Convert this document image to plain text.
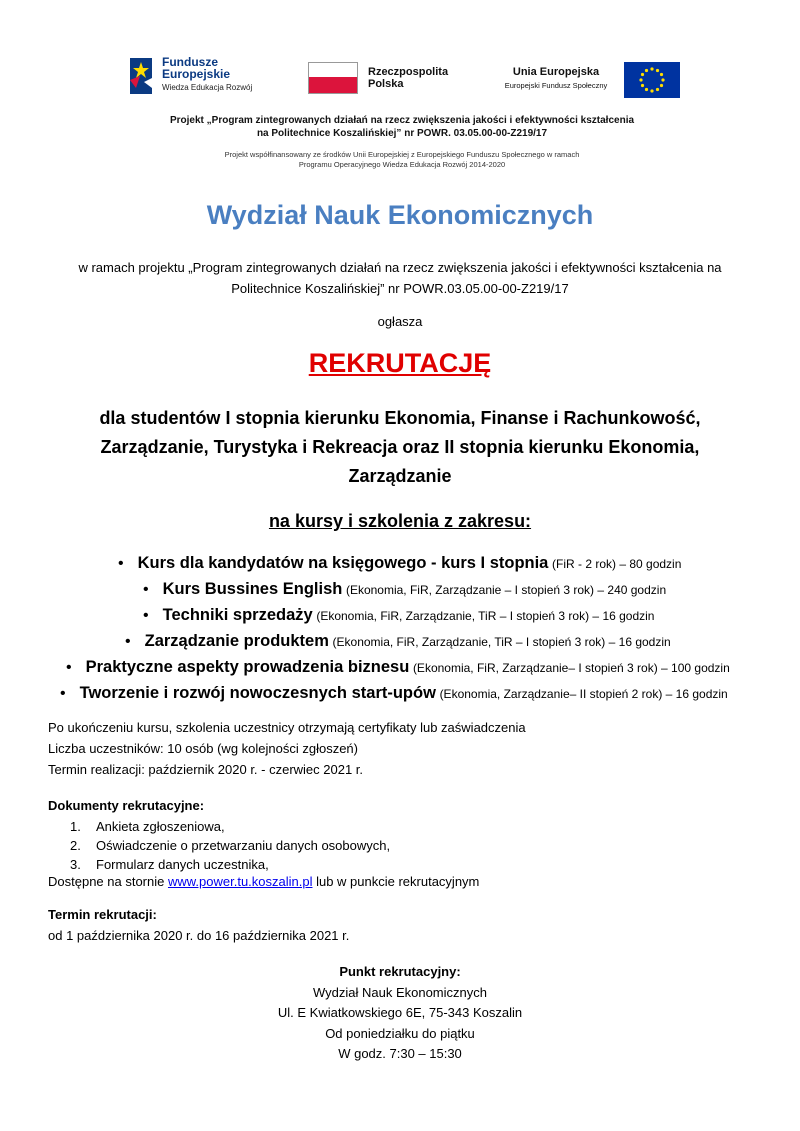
Fundusze
Europejskie
Wiedza Edukacja Rozwój
Rzeczpospolita
Polska
Unia Europejska
Europejski Fundusz Społeczny
Projekt „Program zintegrowanych działań na rzecz zwiększenia jakości i efektywności kształcenia
na Politechnice Koszalińskiej” nr POWR. 03.05.00-00-Z219/17
Projekt współfinansowany ze środków Unii Europejskiej z Europejskiego Funduszu Społecznego w ramach
Programu Operacyjnego Wiedza Edukacja Rozwój 2014-2020
Wydział Nauk Ekonomicznych
w ramach projektu „Program zintegrowanych działań na rzecz zwiększenia jakości i efektywności kształcenia na
Politechnice Koszalińskiej” nr POWR.03.05.00-00-Z219/17
ogłasza
REKRUTACJĘ
dla studentów I stopnia kierunku Ekonomia, Finanse i Rachunkowość,
Zarządzanie, Turystyka i Rekreacja oraz II stopnia kierunku Ekonomia,
Zarządzanie
na kursy i szkolenia z zakresu:
• Kurs dla kandydatów na księgowego - kurs I stopnia (FiR - 2 rok) – 80 godzin
• Kurs Bussines English (Ekonomia, FiR, Zarządzanie – I stopień 3 rok) – 240 godzin
• Techniki sprzedaży (Ekonomia, FiR, Zarządzanie, TiR – I stopień 3 rok) – 16 godzin
• Zarządzanie produktem (Ekonomia, FiR, Zarządzanie, TiR – I stopień 3 rok) – 16 godzin
• Praktyczne aspekty prowadzenia biznesu (Ekonomia, FiR, Zarządzanie– I stopień 3 rok) – 100 godzin
• Tworzenie i rozwój nowoczesnych start-upów (Ekonomia, Zarządzanie– II stopień 2 rok) – 16 godzin
Po ukończeniu kursu, szkolenia uczestnicy otrzymają certyfikaty lub zaświadczenia
Liczba uczestników: 10 osób (wg kolejności zgłoszeń)
Termin realizacji: październik 2020 r. - czerwiec 2021 r.
Dokumenty rekrutacyjne:
1. Ankieta zgłoszeniowa,
2. Oświadczenie o przetwarzaniu danych osobowych,
3. Formularz danych uczestnika,
Dostępne na stornie www.power.tu.koszalin.pl lub w punkcie rekrutacyjnym
Termin rekrutacji:
od 1 października 2020 r. do 16 października 2021 r.
Punkt rekrutacyjny:
Wydział Nauk Ekonomicznych
Ul. E Kwiatkowskiego 6E, 75-343 Koszalin
Od poniedziałku do piątku
W godz. 7:30 – 15:30
